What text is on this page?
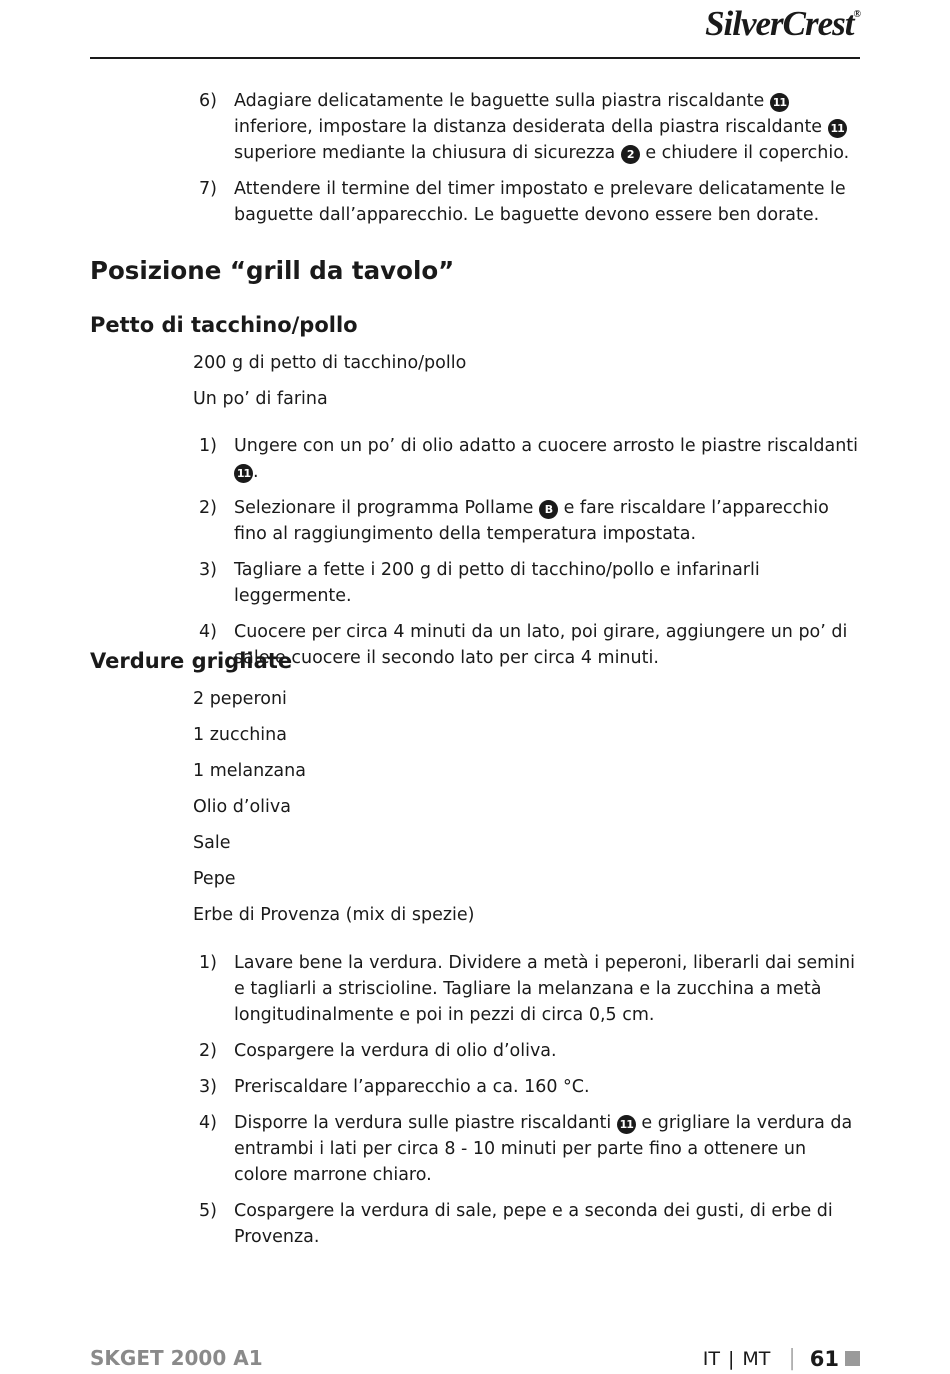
SilverCrest®
6) Adagiare delicatamente le baguette sulla piastra riscaldante 11 inferiore, impostare la distanza desiderata della piastra riscaldante 11 superiore mediante la chiusura di sicurezza 2 e chiudere il coperchio.
7) Attendere il termine del timer impostato e prelevare delicatamente le baguette dall’apparecchio. Le baguette devono essere ben dorate.
Posizione “grill da tavolo”
Petto di tacchino/pollo
200 g di petto di tacchino/pollo
Un po’ di farina
1) Ungere con un po’ di olio adatto a cuocere arrosto le piastre riscaldanti 11 .
2) Selezionare il programma Pollame B e fare riscaldare l’apparecchio fino al raggiungimento della temperatura impostata.
3) Tagliare a fette i 200 g di petto di tacchino/pollo e infarinarli leggermente.
4) Cuocere per circa 4 minuti da un lato, poi girare, aggiungere un po’ di sale e cuocere il secondo lato per circa 4 minuti.
Verdure grigliate
2 peperoni
1 zucchina
1 melanzana
Olio d’oliva
Sale
Pepe
Erbe di Provenza (mix di spezie)
1) Lavare bene la verdura. Dividere a metà i peperoni, liberarli dai semini e tagliarli a striscioline. Tagliare la melanzana e la zucchina a metà longitudinalmente e poi in pezzi di circa 0,5 cm.
2) Cospargere la verdura di olio d’oliva.
3) Preriscaldare l’apparecchio a ca. 160 °C.
4) Disporre la verdura sulle piastre riscaldanti 11 e grigliare la verdura da entrambi i lati per circa 8 - 10 minuti per parte fino a ottenere un colore marrone chiaro.
5) Cospargere la verdura di sale, pepe e a seconda dei gusti, di erbe di Provenza.
SKGET 2000 A1	IT | MT | 61
